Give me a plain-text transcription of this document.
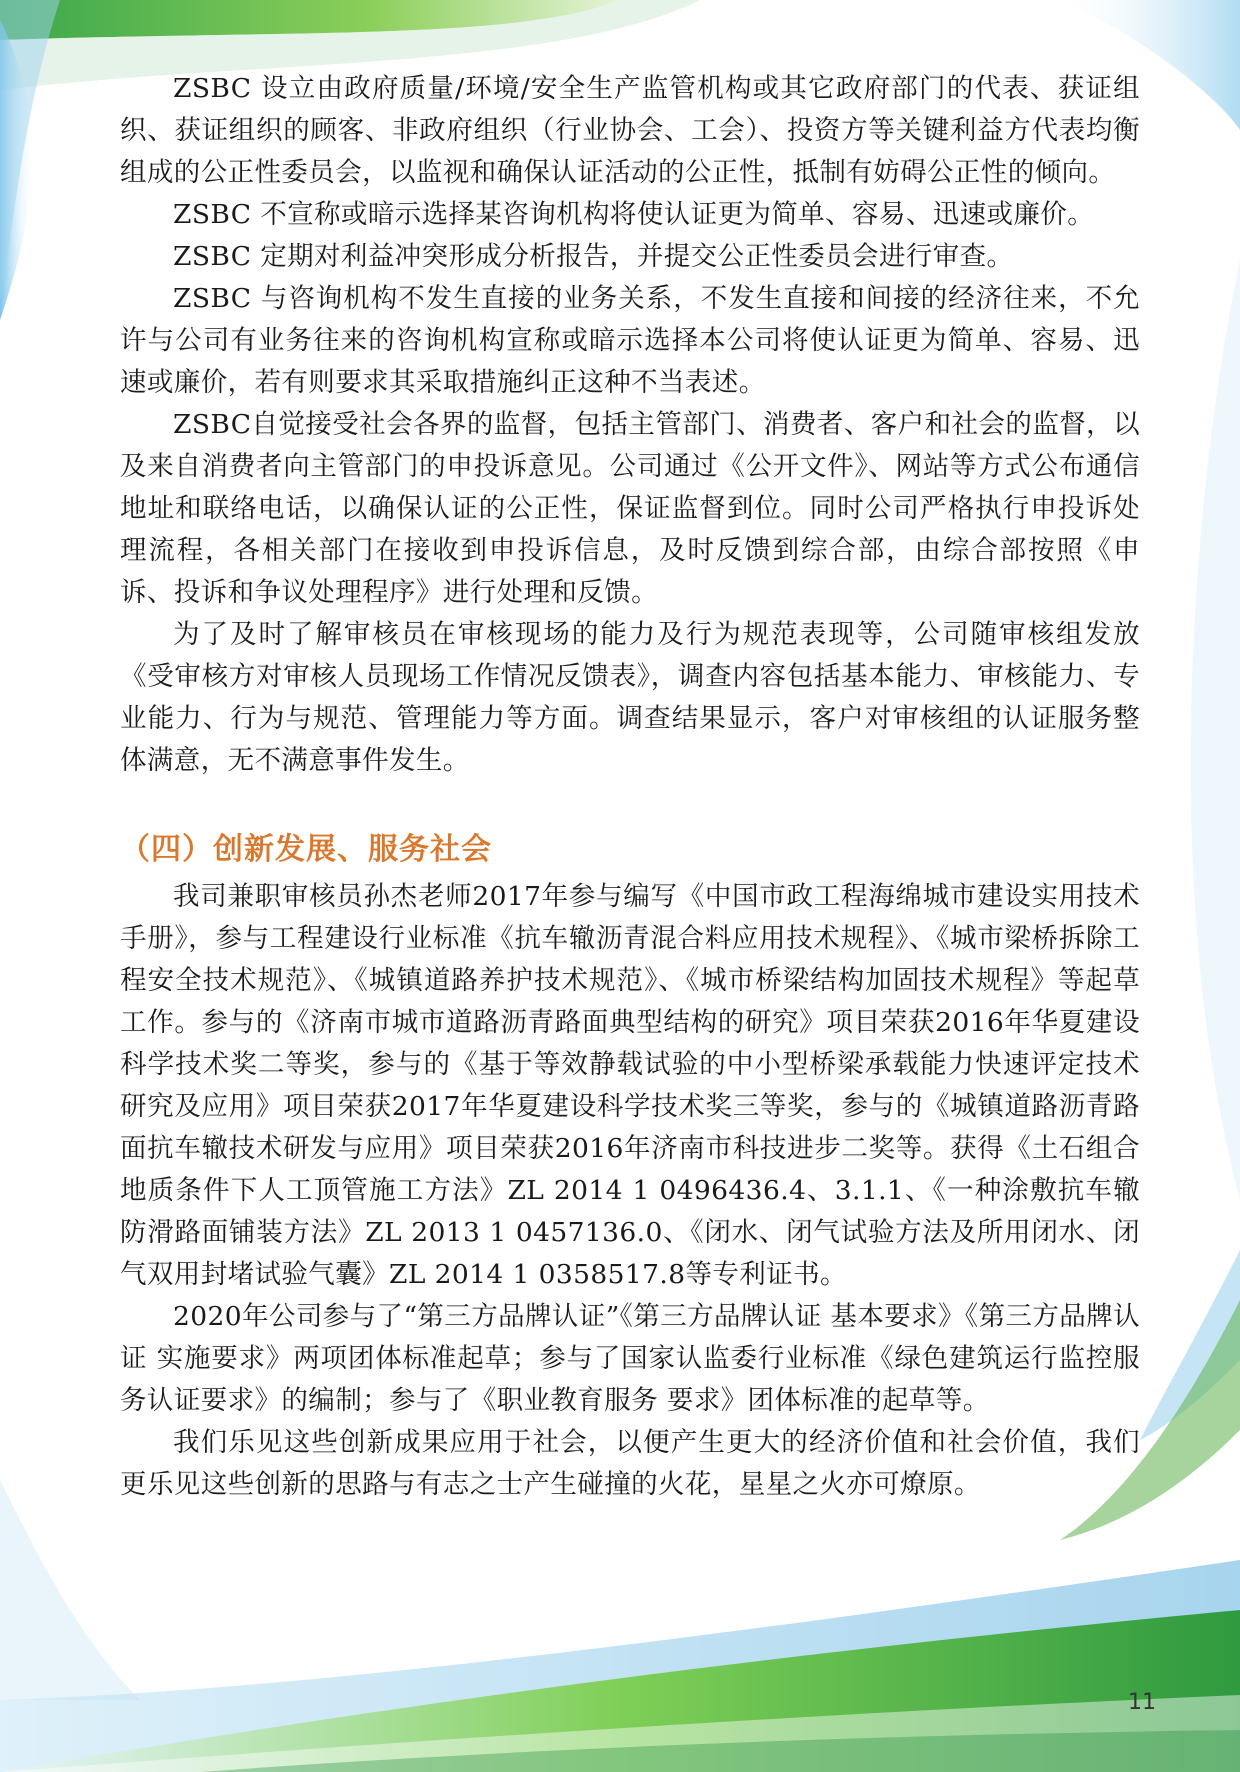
ZSBC 设立由政府质量/环境/安全生产监管机构或其它政府部门的代表、获证组织、获证组织的顾客、非政府组织（行业协会、工会）、投资方等关键利益方代表均衡组成的公正性委员会，以监视和确保认证活动的公正性，抵制有妨碍公正性的倾向。

ZSBC 不宣称或暗示选择某咨询机构将使认证更为简单、容易、迅速或廉价。

ZSBC 定期对利益冲突形成分析报告，并提交公正性委员会进行审查。

ZSBC 与咨询机构不发生直接的业务关系，不发生直接和间接的经济往来，不允许与公司有业务往来的咨询机构宣称或暗示选择本公司将使认证更为简单、容易、迅速或廉价，若有则要求其采取措施纠正这种不当表述。

ZSBC自觉接受社会各界的监督，包括主管部门、消费者、客户和社会的监督，以及来自消费者向主管部门的申投诉意见。公司通过《公开文件》、网站等方式公布通信地址和联络电话，以确保认证的公正性，保证监督到位。同时公司严格执行申投诉处理流程，各相关部门在接收到申投诉信息，及时反馈到综合部，由综合部按照《申诉、投诉和争议处理程序》进行处理和反馈。

为了及时了解审核员在审核现场的能力及行为规范表现等，公司随审核组发放《受审核方对审核人员现场工作情况反馈表》，调查内容包括基本能力、审核能力、专业能力、行为与规范、管理能力等方面。调查结果显示，客户对审核组的认证服务整体满意，无不满意事件发生。

（四）创新发展、服务社会

我司兼职审核员孙杰老师2017年参与编写《中国市政工程海绵城市建设实用技术手册》，参与工程建设行业标准《抗车辙沥青混合料应用技术规程》、《城市梁桥拆除工程安全技术规范》、《城镇道路养护技术规范》、《城市桥梁结构加固技术规程》等起草工作。参与的《济南市城市道路沥青路面典型结构的研究》项目荣获2016年华夏建设科学技术奖二等奖，参与的《基于等效静载试验的中小型桥梁承载能力快速评定技术研究及应用》项目荣获2017年华夏建设科学技术奖三等奖，参与的《城镇道路沥青路面抗车辙技术研发与应用》项目荣获2016年济南市科技进步二奖等。获得《土石组合地质条件下人工顶管施工方法》ZL 2014 1 0496436.4、3.1.1、《一种涂敷抗车辙防滑路面铺装方法》ZL 2013 1 0457136.0、《闭水、闭气试验方法及所用闭水、闭气双用封堵试验气囊》ZL 2014 1 0358517.8等专利证书。

2020年公司参与了“第三方品牌认证”《第三方品牌认证 基本要求》《第三方品牌认证 实施要求》两项团体标准起草；参与了国家认监委行业标准《绿色建筑运行监控服务认证要求》的编制；参与了《职业教育服务 要求》团体标准的起草等。

我们乐见这些创新成果应用于社会，以便产生更大的经济价值和社会价值，我们更乐见这些创新的思路与有志之士产生碰撞的火花，星星之火亦可燎原。

11
